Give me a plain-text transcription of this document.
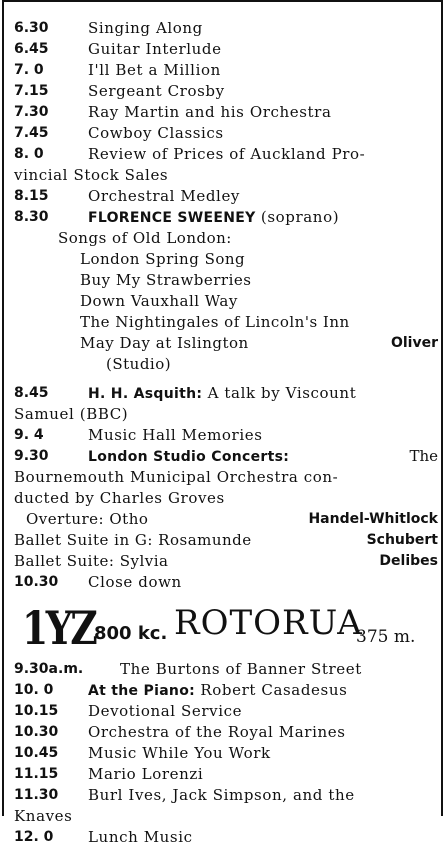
6.30	Singing Along
6.45	Guitar Interlude
7. 0	I'll Bet a Million
7.15	Sergeant Crosby
7.30	Ray Martin and his Orchestra
7.45	Cowboy Classics
8. 0	Review of Prices of Auckland Pro-
vincial Stock Sales
8.15	Orchestral Medley
8.30	FLORENCE SWEENEY (soprano)
Songs of Old London:
London Spring Song
Buy My Strawberries
Down Vauxhall Way
The Nightingales of Lincoln's Inn
May Day at Islington	Oliver
(Studio)
8.45	H. H. Asquith: A talk by Viscount
Samuel (BBC)
9. 4	Music Hall Memories
9.30	London Studio Concerts:	The
Bournemouth Municipal Orchestra con-
ducted by Charles Groves
Overture: Otho	Handel-Whitlock
Ballet Suite in G: Rosamunde	Schubert
Ballet Suite: Sylvia	Delibes
10.30 Close down
1YZ
800 kc. ROTORUA
375 m.
9.30a.m. The Burtons of Banner Street
10. 0 At the Piano: Robert Casadesus
10.15 Devotional Service
10.30 Orchestra of the Royal Marines
10.45 Music While You Work
11.15 Mario Lorenzi
11.30 Burl Ives, Jack Simpson, and the
Knaves
12. 0 Lunch Music
